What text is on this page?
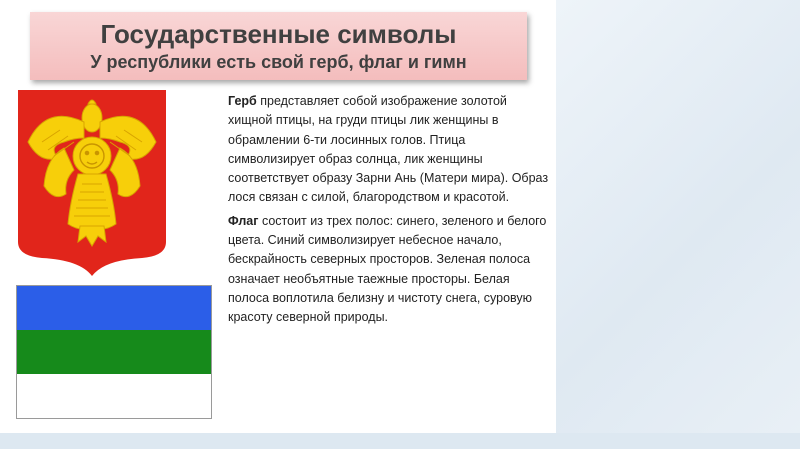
Государственные символы
У республики есть свой герб, флаг и гимн

Герб представляет собой изображение золотой хищной птицы, на груди птицы лик женщины в обрамлении 6-ти лосинных голов. Птица символизирует образ солнца, лик женщины соответствует образу Зарни Ань (Матери мира). Образ лося связан с силой, благородством и красотой.

Флаг состоит из трех полос: синего, зеленого и белого цвета. Синий символизирует небесное начало, бескрайность северных просторов. Зеленая полоса означает необъятные таежные просторы. Белая полоса воплотила белизну и чистоту снега, суровую красоту северной природы.
